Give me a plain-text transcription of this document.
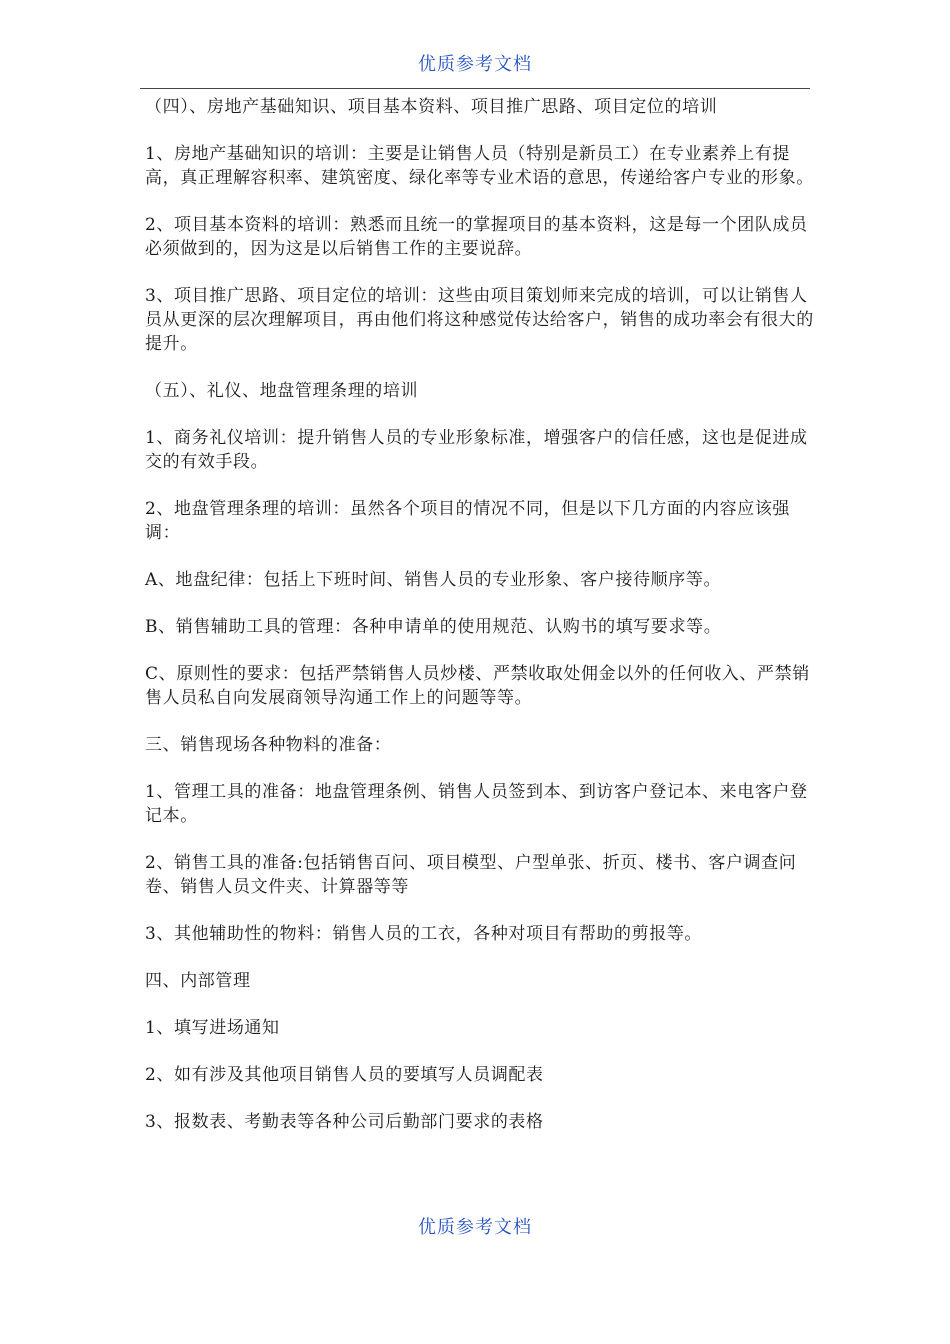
优质参考文档

（四）、房地产基础知识、项目基本资料、项目推广思路、项目定位的培训

1、房地产基础知识的培训：主要是让销售人员（特别是新员工）在专业素养上有提高，真正理解容积率、建筑密度、绿化率等专业术语的意思，传递给客户专业的形象。

2、项目基本资料的培训：熟悉而且统一的掌握项目的基本资料，这是每一个团队成员必须做到的，因为这是以后销售工作的主要说辞。

3、项目推广思路、项目定位的培训：这些由项目策划师来完成的培训，可以让销售人员从更深的层次理解项目，再由他们将这种感觉传达给客户，销售的成功率会有很大的提升。

（五）、礼仪、地盘管理条理的培训

1、商务礼仪培训：提升销售人员的专业形象标准，增强客户的信任感，这也是促进成交的有效手段。

2、地盘管理条理的培训：虽然各个项目的情况不同，但是以下几方面的内容应该强调：

A、地盘纪律：包括上下班时间、销售人员的专业形象、客户接待顺序等。

B、销售辅助工具的管理：各种申请单的使用规范、认购书的填写要求等。

C、原则性的要求：包括严禁销售人员炒楼、严禁收取处佣金以外的任何收入、严禁销售人员私自向发展商领导沟通工作上的问题等等。

三、销售现场各种物料的准备：

1、管理工具的准备：地盘管理条例、销售人员签到本、到访客户登记本、来电客户登记本。

2、销售工具的准备:包括销售百问、项目模型、户型单张、折页、楼书、客户调查问卷、销售人员文件夹、计算器等等

3、其他辅助性的物料：销售人员的工衣，各种对项目有帮助的剪报等。

四、内部管理

1、填写进场通知

2、如有涉及其他项目销售人员的要填写人员调配表

3、报数表、考勤表等各种公司后勤部门要求的表格

优质参考文档
